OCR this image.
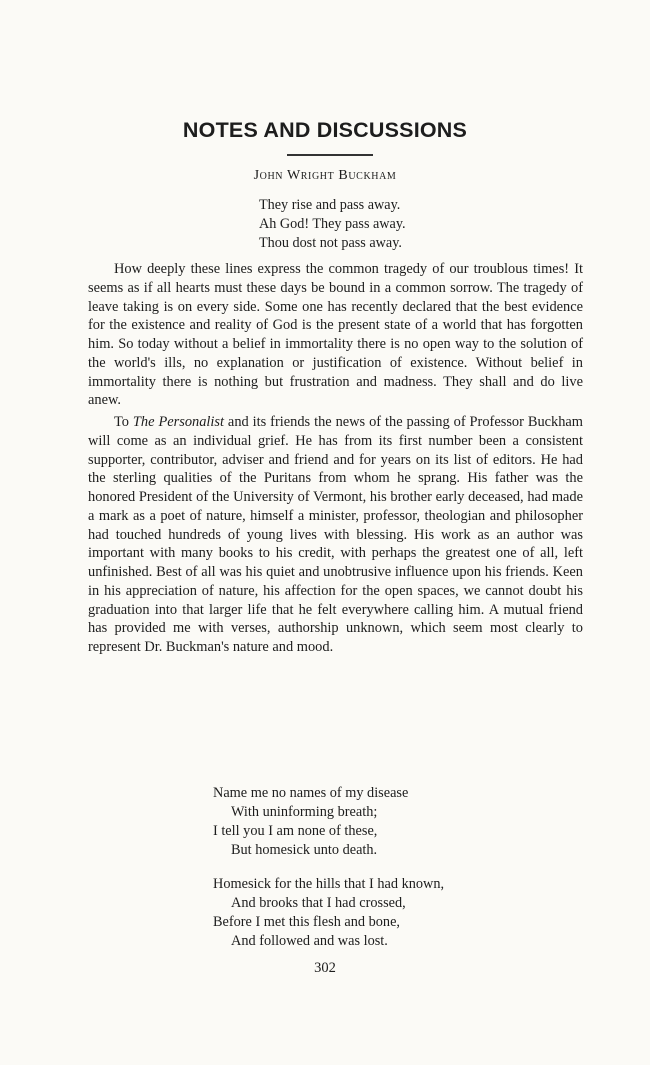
NOTES AND DISCUSSIONS
John Wright Buckham
They rise and pass away.
Ah God! They pass away.
Thou dost not pass away.

How deeply these lines express the common tragedy of our troublous times! It seems as if all hearts must these days be bound in a common sorrow. The tragedy of leave taking is on every side. Some one has recently declared that the best evidence for the existence and reality of God is the present state of a world that has forgotten him. So today without a belief in immortality there is no open way to the solution of the world's ills, no explanation or justification of existence. Without belief in immortality there is nothing but frustration and madness. They shall and do live anew.

To The Personalist and its friends the news of the passing of Professor Buckham will come as an individual grief. He has from its first number been a consistent supporter, contributor, adviser and friend and for years on its list of editors. He had the sterling qualities of the Puritans from whom he sprang. His father was the honored President of the University of Vermont, his brother early deceased, had made a mark as a poet of nature, himself a minister, professor, theologian and philosopher had touched hundreds of young lives with blessing. His work as an author was important with many books to his credit, with perhaps the greatest one of all, left unfinished. Best of all was his quiet and unobtrusive influence upon his friends. Keen in his appreciation of nature, his affection for the open spaces, we cannot doubt his graduation into that larger life that he felt everywhere calling him. A mutual friend has provided me with verses, authorship unknown, which seem most clearly to represent Dr. Buckman's nature and mood.

Name me no names of my disease
With uninforming breath;
I tell you I am none of these,
But homesick unto death.
Homesick for the hills that I had known,
And brooks that I had crossed,
Before I met this flesh and bone,
And followed and was lost.
302
